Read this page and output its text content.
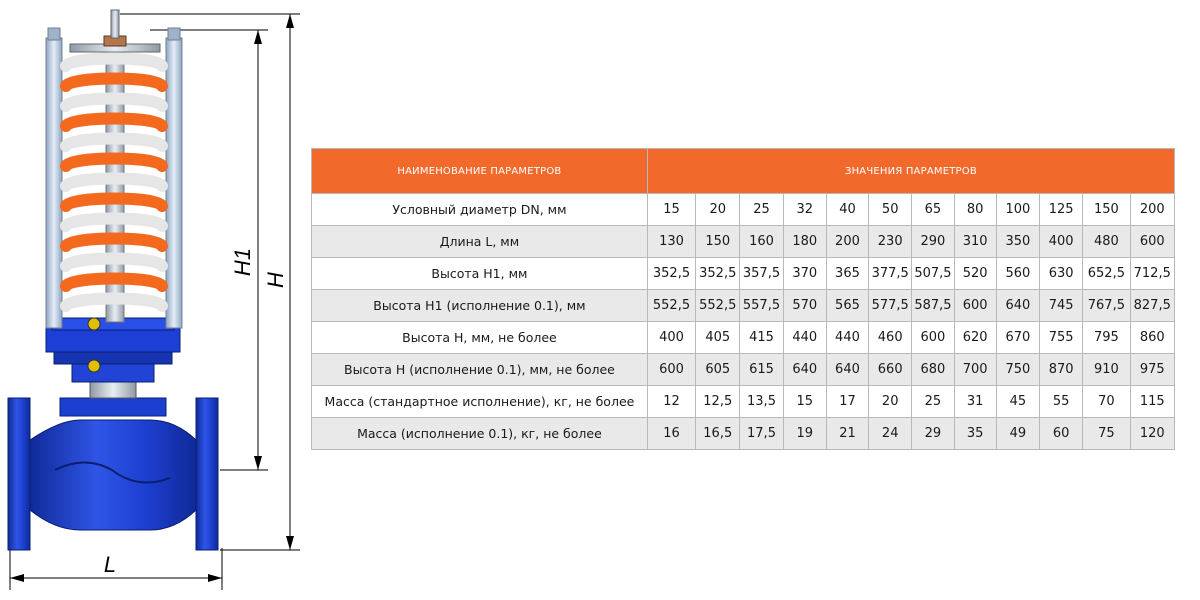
H1
H
L
НАИМЕНОВАНИЕ ПАРАМЕТРОВ	ЗНАЧЕНИЯ ПАРАМЕТРОВ											
Условный диаметр DN, мм	15	20	25	32	40	50	65	80	100	125	150	200
Длина L, мм	130	150	160	180	200	230	290	310	350	400	480	600
Высота H1, мм	352,5	352,5	357,5	370	365	377,5	507,5	520	560	630	652,5	712,5
Высота H1 (исполнение 0.1), мм	552,5	552,5	557,5	570	565	577,5	587,5	600	640	745	767,5	827,5
Высота H, мм, не более	400	405	415	440	440	460	600	620	670	755	795	860
Высота H (исполнение 0.1), мм, не более	600	605	615	640	640	660	680	700	750	870	910	975
Масса (стандартное исполнение), кг, не более	12	12,5	13,5	15	17	20	25	31	45	55	70	115
Масса (исполнение 0.1), кг, не более	16	16,5	17,5	19	21	24	29	35	49	60	75	120
